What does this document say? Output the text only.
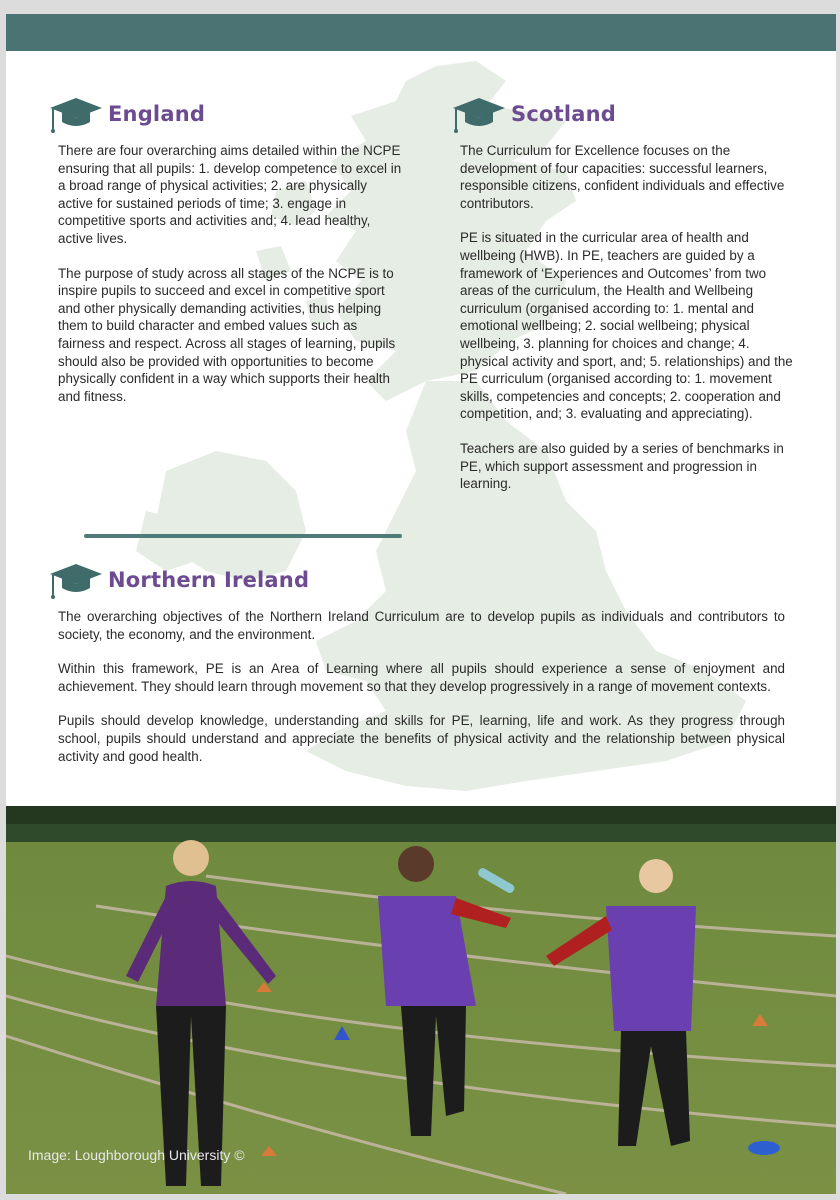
England

There are four overarching aims detailed within the NCPE ensuring that all pupils: 1. develop competence to excel in a broad range of physical activities; 2. are physically active for sustained periods of time; 3. engage in competitive sports and activities and; 4. lead healthy, active lives.

The purpose of study across all stages of the NCPE is to inspire pupils to succeed and excel in competitive sport and other physically demanding activities, thus helping them to build character and embed values such as fairness and respect. Across all stages of learning, pupils should also be provided with opportunities to become physically confident in a way which supports their health and fitness.

Scotland

The Curriculum for Excellence focuses on the development of four capacities: successful learners, responsible citizens, confident individuals and effective contributors.

PE is situated in the curricular area of health and wellbeing (HWB). In PE, teachers are guided by a framework of ‘Experiences and Outcomes’ from two areas of the curriculum, the Health and Wellbeing curriculum (organised according to: 1. mental and emotional wellbeing; 2. social wellbeing; physical wellbeing, 3. planning for choices and change; 4. physical activity and sport, and; 5. relationships) and the PE curriculum (organised according to: 1. movement skills, competencies and concepts; 2. cooperation and competition, and; 3. evaluating and appreciating).

Teachers are also guided by a series of benchmarks in PE, which support assessment and progression in learning.

Northern Ireland

The overarching objectives of the Northern Ireland Curriculum are to develop pupils as individuals and contributors to society, the economy, and the environment.

Within this framework, PE is an Area of Learning where all pupils should experience a sense of enjoyment and achievement. They should learn through movement so that they develop progressively in a range of movement contexts.

Pupils should develop knowledge, understanding and skills for PE, learning, life and work. As they progress through school, pupils should understand and appreciate the benefits of physical activity and the relationship between physical activity and good health.

Image: Loughborough University ©
